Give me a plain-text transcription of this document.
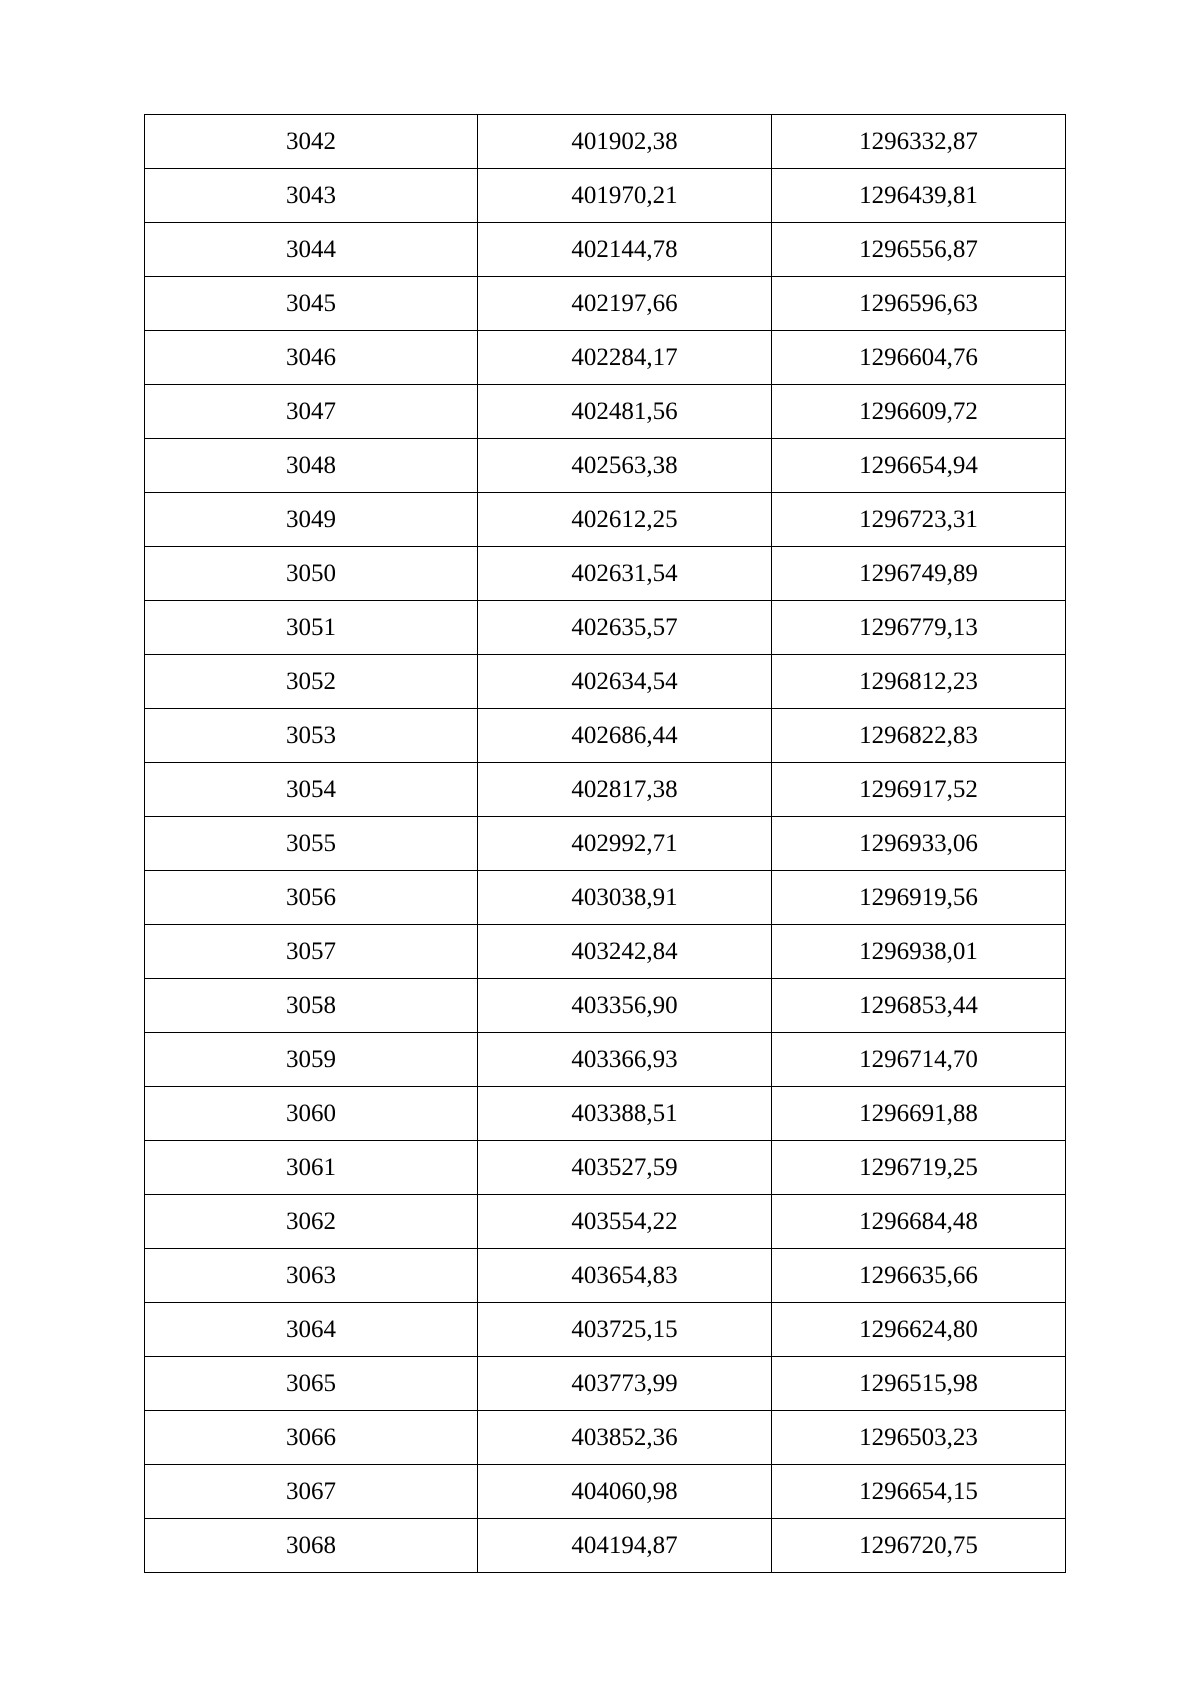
3042	401902,38	1296332,87
3043	401970,21	1296439,81
3044	402144,78	1296556,87
3045	402197,66	1296596,63
3046	402284,17	1296604,76
3047	402481,56	1296609,72
3048	402563,38	1296654,94
3049	402612,25	1296723,31
3050	402631,54	1296749,89
3051	402635,57	1296779,13
3052	402634,54	1296812,23
3053	402686,44	1296822,83
3054	402817,38	1296917,52
3055	402992,71	1296933,06
3056	403038,91	1296919,56
3057	403242,84	1296938,01
3058	403356,90	1296853,44
3059	403366,93	1296714,70
3060	403388,51	1296691,88
3061	403527,59	1296719,25
3062	403554,22	1296684,48
3063	403654,83	1296635,66
3064	403725,15	1296624,80
3065	403773,99	1296515,98
3066	403852,36	1296503,23
3067	404060,98	1296654,15
3068	404194,87	1296720,75
